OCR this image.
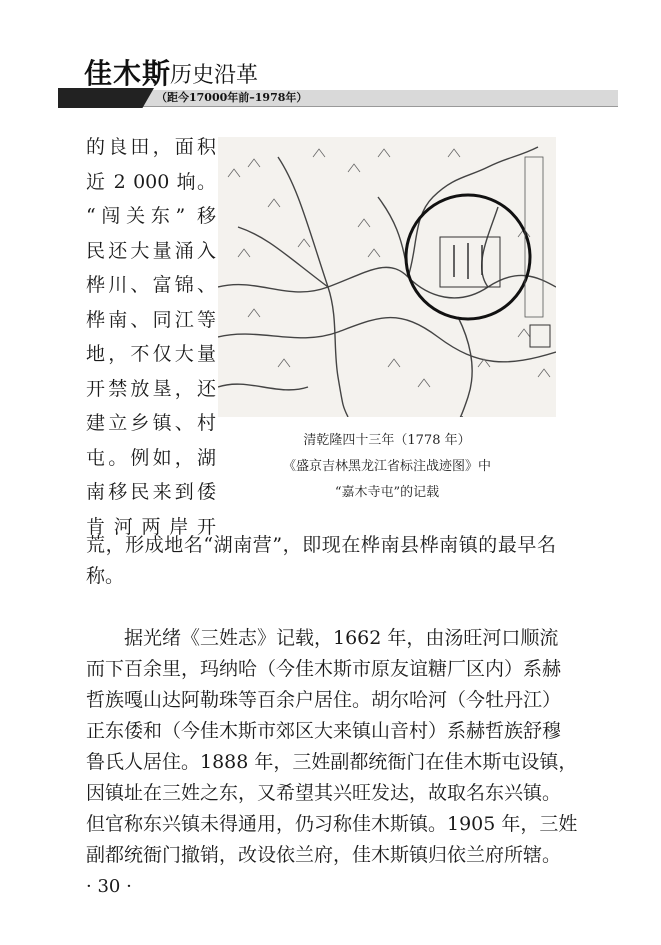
佳木斯
历史沿革
（距今17000年前–1978年）
的良田，面积
近 2 000 垧。
“闯关东” 移
民还大量涌入
桦川、富锦、
桦南、同江等
地，不仅大量
开禁放垦，还
建立乡镇、村
屯。例如，湖
南移民来到倭
肯河两岸开
清乾隆四十三年（1778 年）
《盛京吉林黑龙江省标注战迹图》中
“嘉木寺屯”的记载
荒，形成地名“湖南营”，即现在桦南县桦南镇的最早名
称。
据光绪《三姓志》记载，1662 年，由汤旺河口顺流
而下百余里，玛纳哈（今佳木斯市原友谊糖厂区内）系赫
哲族嘎山达阿勒珠等百余户居住。胡尔哈河（今牡丹江）
正东倭和（今佳木斯市郊区大来镇山音村）系赫哲族舒穆
鲁氏人居住。1888 年，三姓副都统衙门在佳木斯屯设镇，
因镇址在三姓之东，又希望其兴旺发达，故取名东兴镇。
但官称东兴镇未得通用，仍习称佳木斯镇。1905 年，三姓
副都统衙门撤销，改设依兰府，佳木斯镇归依兰府所辖。
· 30 ·
